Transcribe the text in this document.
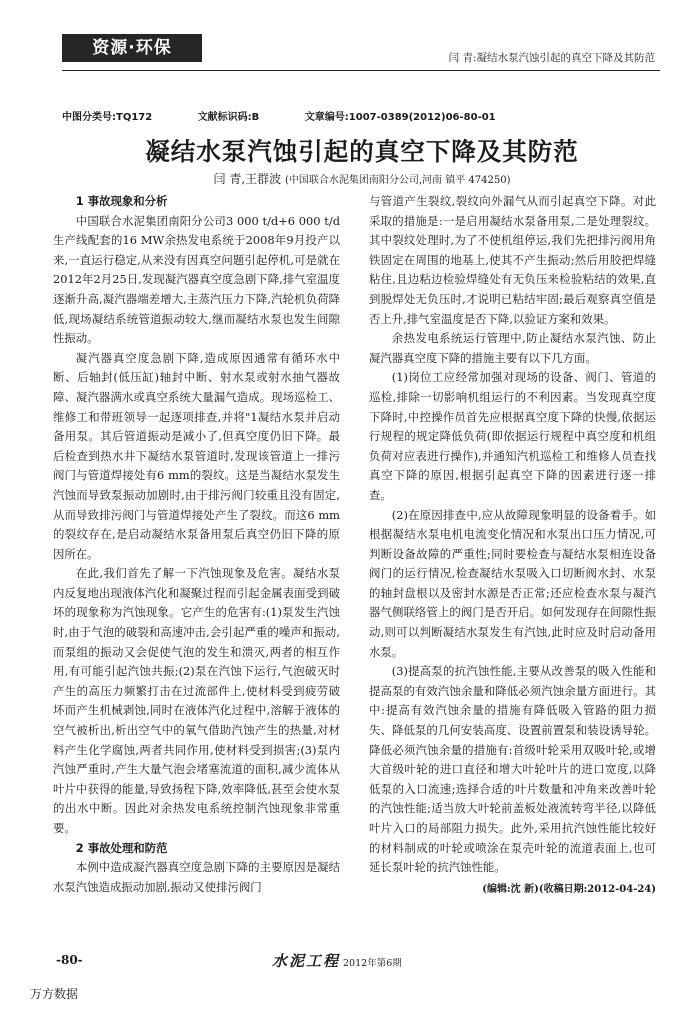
资源·环保	闫 青:凝结水泵汽蚀引起的真空下降及其防范
中图分类号:TQ172	文献标识码:B	文章编号:1007-0389(2012)06-80-01
凝结水泵汽蚀引起的真空下降及其防范
闫 青,王群波 (中国联合水泥集团南阳分公司,河南 镇平 474250)

1 事故现象和分析

中国联合水泥集团南阳分公司3 000 t/d+6 000 t/d生产线配套的16 MW余热发电系统于2008年9月投产以来,一直运行稳定,从来没有因真空问题引起停机,可是就在2012年2月25日,发现凝汽器真空度急剧下降,排气室温度逐渐升高,凝汽器端差增大,主蒸汽压力下降,汽轮机负荷降低,现场凝结系统管道振动较大,继而凝结水泵也发生间隙性振动。

凝汽器真空度急剧下降,造成原因通常有循环水中断、后轴封(低压缸)轴封中断、射水泵或射水抽气器故障、凝汽器满水或真空系统大量漏气造成。现场巡检工、维修工和带班领导一起逐项排查,并将"1凝结水泵并启动备用泵。其后管道振动是减小了,但真空度仍旧下降。最后检查到热水井下凝结水泵管道时,发现该管道上一排污阀门与管道焊接处有6 mm的裂纹。这是当凝结水泵发生汽蚀而导致泵振动加剧时,由于排污阀门较重且没有固定,从而导致排污阀门与管道焊接处产生了裂纹。而这6 mm的裂纹存在,是启动凝结水泵备用泵后真空仍旧下降的原因所在。

在此,我们首先了解一下汽蚀现象及危害。凝结水泵内反复地出现液体汽化和凝聚过程而引起金属表面受到破坏的现象称为汽蚀现象。它产生的危害有:(1)泵发生汽蚀时,由于气泡的破裂和高速冲击,会引起严重的噪声和振动,而泵组的振动又会促使气泡的发生和溃灭,两者的相互作用,有可能引起汽蚀共振;(2)泵在汽蚀下运行,气泡破灭时产生的高压力频繁打击在过流部件上,使材料受到疲劳破坏而产生机械剥蚀,同时在液体汽化过程中,溶解于液体的空气被析出,析出空气中的氧气借助汽蚀产生的热量,对材料产生化学腐蚀,两者共同作用,使材料受到损害;(3)泵内汽蚀严重时,产生大量气泡会堵塞流道的面积,减少流体从叶片中获得的能量,导致扬程下降,效率降低,甚至会使水泵的出水中断。因此对余热发电系统控制汽蚀现象非常重要。

2 事故处理和防范

本例中造成凝汽器真空度急剧下降的主要原因是凝结水泵汽蚀造成振动加剧,振动又使排污阀门

与管道产生裂纹,裂纹向外漏气从而引起真空下降。对此采取的措施是:一是启用凝结水泵备用泵,二是处理裂纹。其中裂纹处理时,为了不使机组停运,我们先把排污阀用角铁固定在周围的地基上,使其不产生振动;然后用胶把焊缝粘住,且边粘边检验焊缝处有无负压来检验粘结的效果,直到脱焊处无负压时,才说明已粘结牢固;最后观察真空值是否上升,排气室温度是否下降,以验证方案和效果。

余热发电系统运行管理中,防止凝结水泵汽蚀、防止凝汽器真空度下降的措施主要有以下几方面。

(1)岗位工应经常加强对现场的设备、阀门、管道的巡检,排除一切影响机组运行的不利因素。当发现真空度下降时,中控操作员首先应根据真空度下降的快慢,依据运行规程的规定降低负荷(即依据运行规程中真空度和机组负荷对应表进行操作),并通知汽机巡检工和维修人员查找真空下降的原因,根据引起真空下降的因素进行逐一排查。

(2)在原因排查中,应从故障现象明显的设备着手。如根据凝结水泵电机电流变化情况和水泵出口压力情况,可判断设备故障的严重性;同时要检查与凝结水泵相连设备阀门的运行情况,检查凝结水泵吸入口切断阀水封、水泵的轴封盘根以及密封水源是否正常;还应检查水泵与凝汽器气侧联络管上的阀门是否开启。如何发现存在间隙性振动,则可以判断凝结水泵发生有汽蚀,此时应及时启动备用水泵。

(3)提高泵的抗汽蚀性能,主要从改善泵的吸入性能和提高泵的有效汽蚀余量和降低必须汽蚀余量方面进行。其中:提高有效汽蚀余量的措施有降低吸入管路的阻力损失、降低泵的几何安装高度、设置前置泵和装设诱导轮。降低必须汽蚀余量的措施有:首级叶轮采用双吸叶轮,或增大首级叶轮的进口直径和增大叶轮叶片的进口宽度,以降低泵的入口流速;选择合适的叶片数量和冲角来改善叶轮的汽蚀性能;适当放大叶轮前盖板处液流转弯半径,以降低叶片入口的局部阻力损失。此外,采用抗汽蚀性能比较好的材料制成的叶轮或喷涂在泵壳叶轮的流道表面上,也可延长泵叶轮的抗汽蚀性能。

(编辑:沈 新)(收稿日期:2012-04-24)
-80-	水泥工程 2012年第6期
万方数据
